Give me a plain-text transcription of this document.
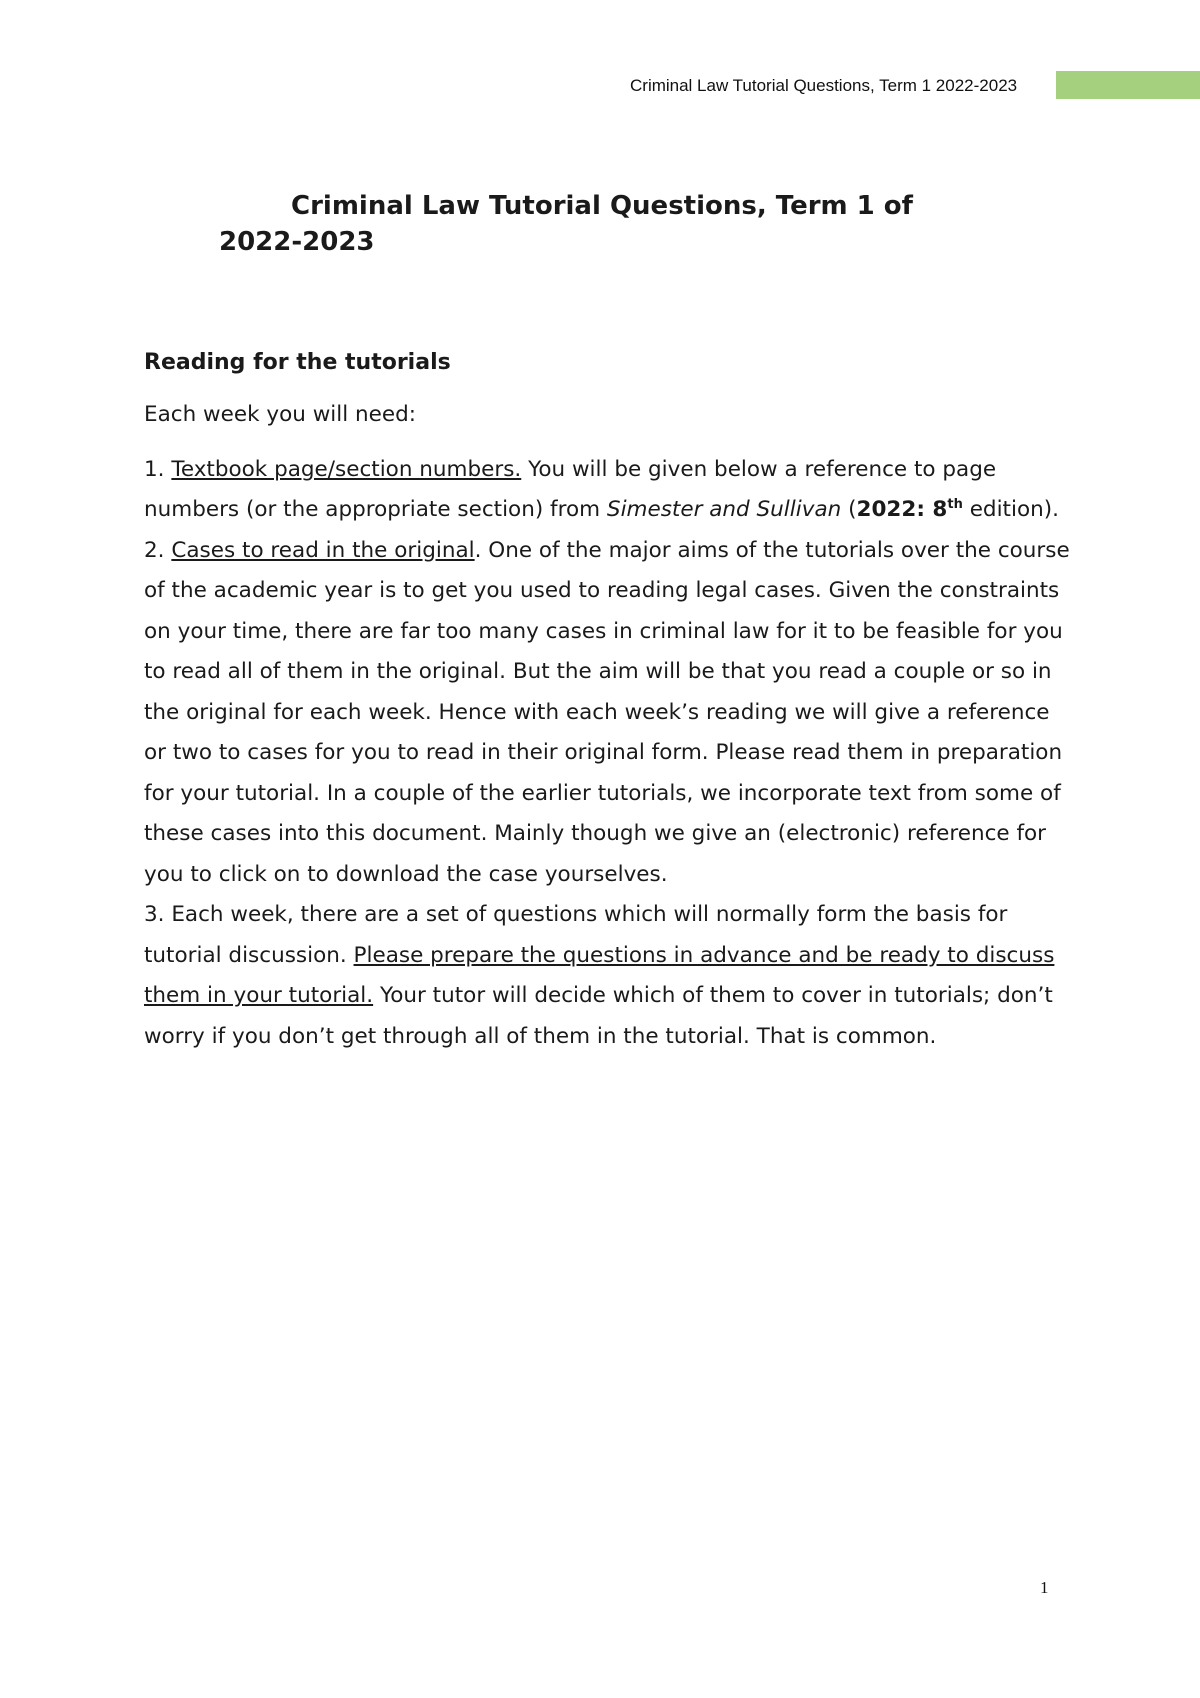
Criminal Law Tutorial Questions, Term 1 2022-2023
Criminal Law Tutorial Questions, Term 1 of
2022-2023
Reading for the tutorials

Each week you will need:

1. Textbook page/section numbers. You will be given below a reference to page numbers (or the appropriate section) from Simester and Sullivan (2022: 8th edition).

2. Cases to read in the original. One of the major aims of the tutorials over the course of the academic year is to get you used to reading legal cases. Given the constraints on your time, there are far too many cases in criminal law for it to be feasible for you to read all of them in the original. But the aim will be that you read a couple or so in the original for each week. Hence with each week’s reading we will give a reference or two to cases for you to read in their original form. Please read them in preparation for your tutorial. In a couple of the earlier tutorials, we incorporate text from some of these cases into this document. Mainly though we give an (electronic) reference for you to click on to download the case yourselves.

3. Each week, there are a set of questions which will normally form the basis for tutorial discussion. Please prepare the questions in advance and be ready to discuss them in your tutorial. Your tutor will decide which of them to cover in tutorials; don’t worry if you don’t get through all of them in the tutorial. That is common.

1
